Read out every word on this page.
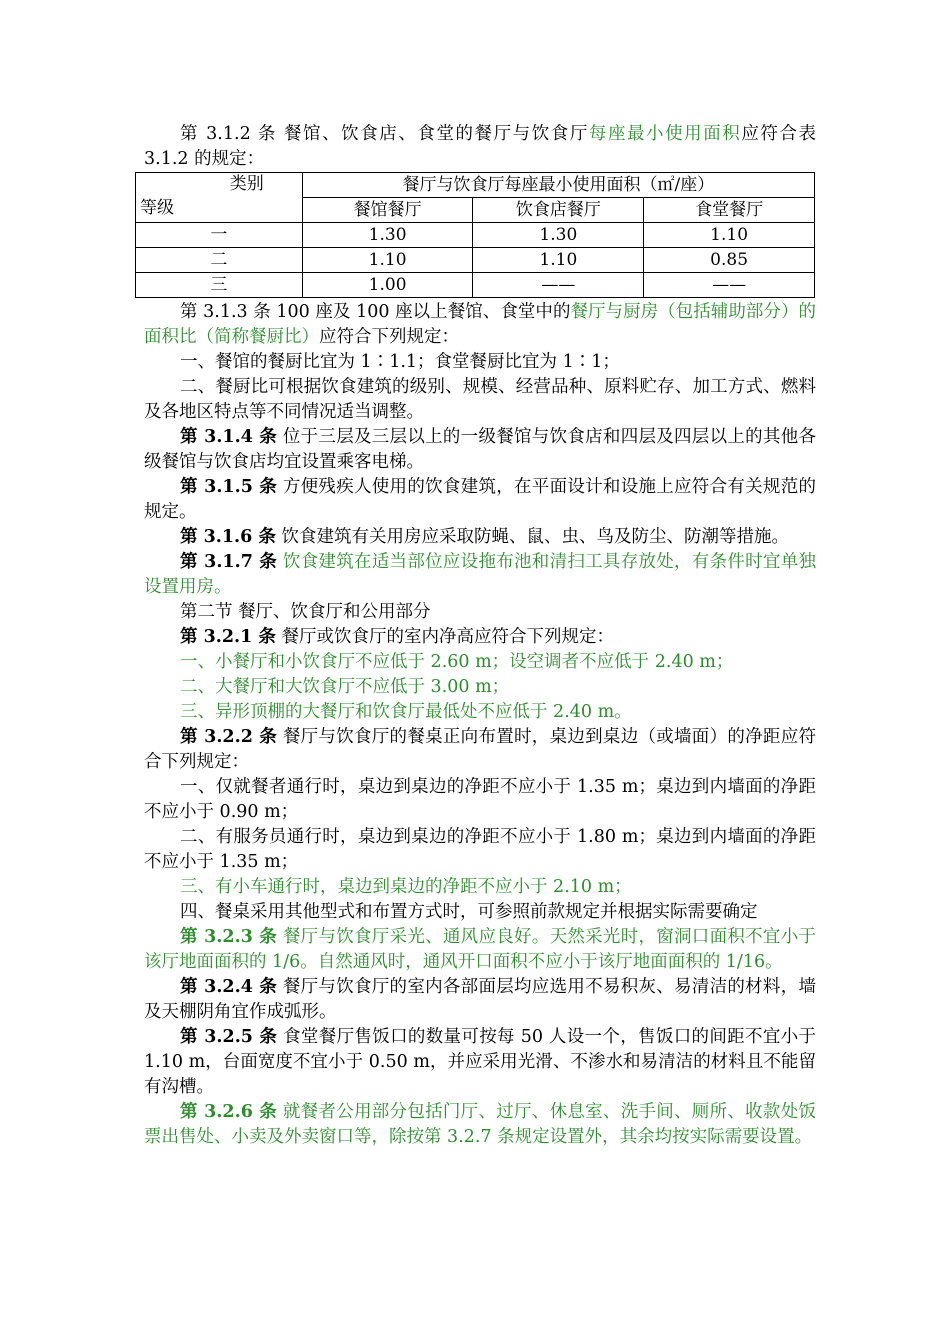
第 3.1.2 条 餐馆、饮食店、食堂的餐厅与饮食厅每座最小使用面积应符合表 3.1.2 的规定：

类别
等级	餐厅与饮食厅每座最小使用面积（㎡/座）		
	餐馆餐厅	饮食店餐厅	食堂餐厅
一	1.30	1.30	1.10
二	1.10	1.10	0.85
三	1.00	——	——

第 3.1.3 条 100 座及 100 座以上餐馆、食堂中的餐厅与厨房（包括辅助部分）的面积比（简称餐厨比）应符合下列规定：

一、餐馆的餐厨比宜为 1∶1.1；食堂餐厨比宜为 1∶1；

二、餐厨比可根据饮食建筑的级别、规模、经营品种、原料贮存、加工方式、燃料及各地区特点等不同情况适当调整。

第 3.1.4 条 位于三层及三层以上的一级餐馆与饮食店和四层及四层以上的其他各级餐馆与饮食店均宜设置乘客电梯。

第 3.1.5 条 方便残疾人使用的饮食建筑，在平面设计和设施上应符合有关规范的规定。

第 3.1.6 条 饮食建筑有关用房应采取防蝇、鼠、虫、鸟及防尘、防潮等措施。

第 3.1.7 条 饮食建筑在适当部位应设拖布池和清扫工具存放处，有条件时宜单独设置用房。

第二节 餐厅、饮食厅和公用部分

第 3.2.1 条 餐厅或饮食厅的室内净高应符合下列规定：

一、小餐厅和小饮食厅不应低于 2.60 m；设空调者不应低于 2.40 m；

二、大餐厅和大饮食厅不应低于 3.00 m；

三、异形顶棚的大餐厅和饮食厅最低处不应低于 2.40 m。

第 3.2.2 条 餐厅与饮食厅的餐桌正向布置时，桌边到桌边（或墙面）的净距应符合下列规定：

一、仅就餐者通行时，桌边到桌边的净距不应小于 1.35 m；桌边到内墙面的净距不应小于 0.90 m；

二、有服务员通行时，桌边到桌边的净距不应小于 1.80 m；桌边到内墙面的净距不应小于 1.35 m；

三、有小车通行时，桌边到桌边的净距不应小于 2.10 m；

四、餐桌采用其他型式和布置方式时，可参照前款规定并根据实际需要确定

第 3.2.3 条 餐厅与饮食厅采光、通风应良好。天然采光时，窗洞口面积不宜小于该厅地面面积的 1/6。自然通风时，通风开口面积不应小于该厅地面面积的 1/16。

第 3.2.4 条 餐厅与饮食厅的室内各部面层均应选用不易积灰、易清洁的材料，墙及天棚阴角宜作成弧形。

第 3.2.5 条 食堂餐厅售饭口的数量可按每 50 人设一个，售饭口的间距不宜小于 1.10 m，台面宽度不宜小于 0.50 m，并应采用光滑、不渗水和易清洁的材料且不能留有沟槽。

第 3.2.6 条 就餐者公用部分包括门厅、过厅、休息室、洗手间、厕所、收款处饭票出售处、小卖及外卖窗口等，除按第 3.2.7 条规定设置外，其余均按实际需要设置。
